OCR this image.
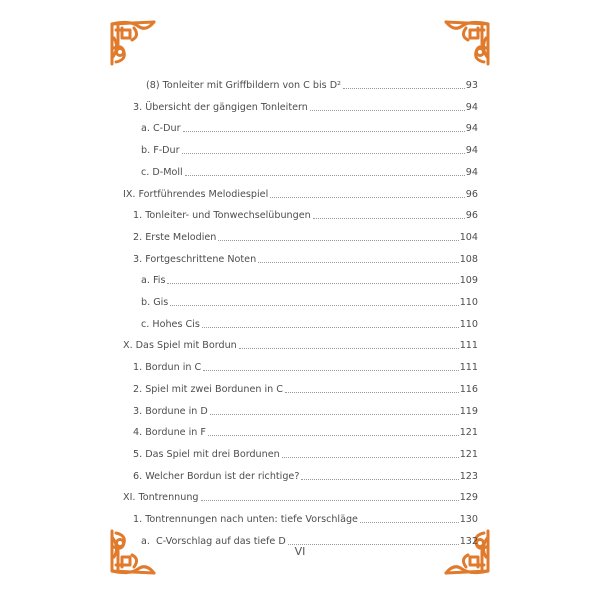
(8) Tonleiter mit Griffbildern von C bis D²	93
3. Übersicht der gängigen Tonleitern	94
a. C-Dur	94
b. F-Dur	94
c. D-Moll	94
IX. Fortführendes Melodiespiel	96
1. Tonleiter- und Tonwechselübungen	96
2. Erste Melodien	104
3. Fortgeschrittene Noten	108
a. Fis	109
b. Gis	110
c. Hohes Cis	110
X. Das Spiel mit Bordun	111
1. Bordun in C	111
2. Spiel mit zwei Bordunen in C	116
3. Bordune in D	119
4. Bordune in F	121
5. Das Spiel mit drei Bordunen	121
6. Welcher Bordun ist der richtige?	123
XI. Tontrennung	129
1. Tontrennungen nach unten: tiefe Vorschläge	130
a.  C-Vorschlag auf das tiefe D	132
VI
